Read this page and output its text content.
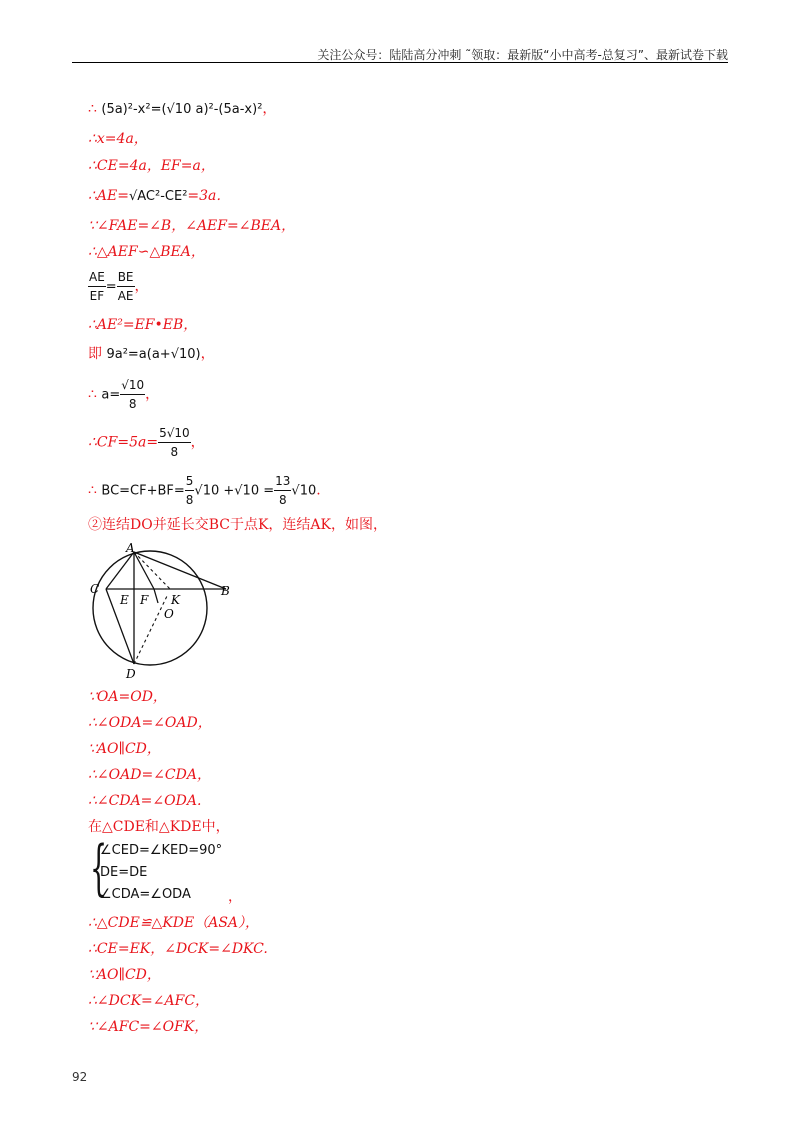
关注公众号：陆陆高分冲刺 ˜领取：最新版“小中高考-总复习”、最新试卷下载
∴ (5a)²-x²=(√10 a)²-(5a-x)²，
∴x=4a，
∴CE=4a，EF=a，
∴AE=√AC²-CE²=3a．
∵∠FAE=∠B，∠AEF=∠BEA，
∴△AEF∽△BEA，
$\frac{AE}{EF} = \frac{BE}{AE}$ ，
∴AE²=EF•EB，
即 9a²=a(a+√10)，
∴ $a= \frac{√10}{8}$ ，
∴CF=5a= $\frac{5√10}{8}$ ，
∴ $BC=CF+BF= \frac{5}{8} √10 +√10 = \frac{13}{8} √10$.
②连结DO并延长交BC于点K，连结AK，如图，
A
B
C
D
E F K
O
∵OA=OD，
∴∠ODA=∠OAD，
∵AO∥CD，
∴∠OAD=∠CDA，
∴∠CDA=∠ODA.
在△CDE和△KDE中，
{
∠CED=∠KED=90°
DE=DE
∠CDA=∠ODA	，
∴△CDE≌△KDE（ASA），
∴CE=EK，∠DCK=∠DKC.
∵AO∥CD，
∴∠DCK=∠AFC，
∵∠AFC=∠OFK，
92
